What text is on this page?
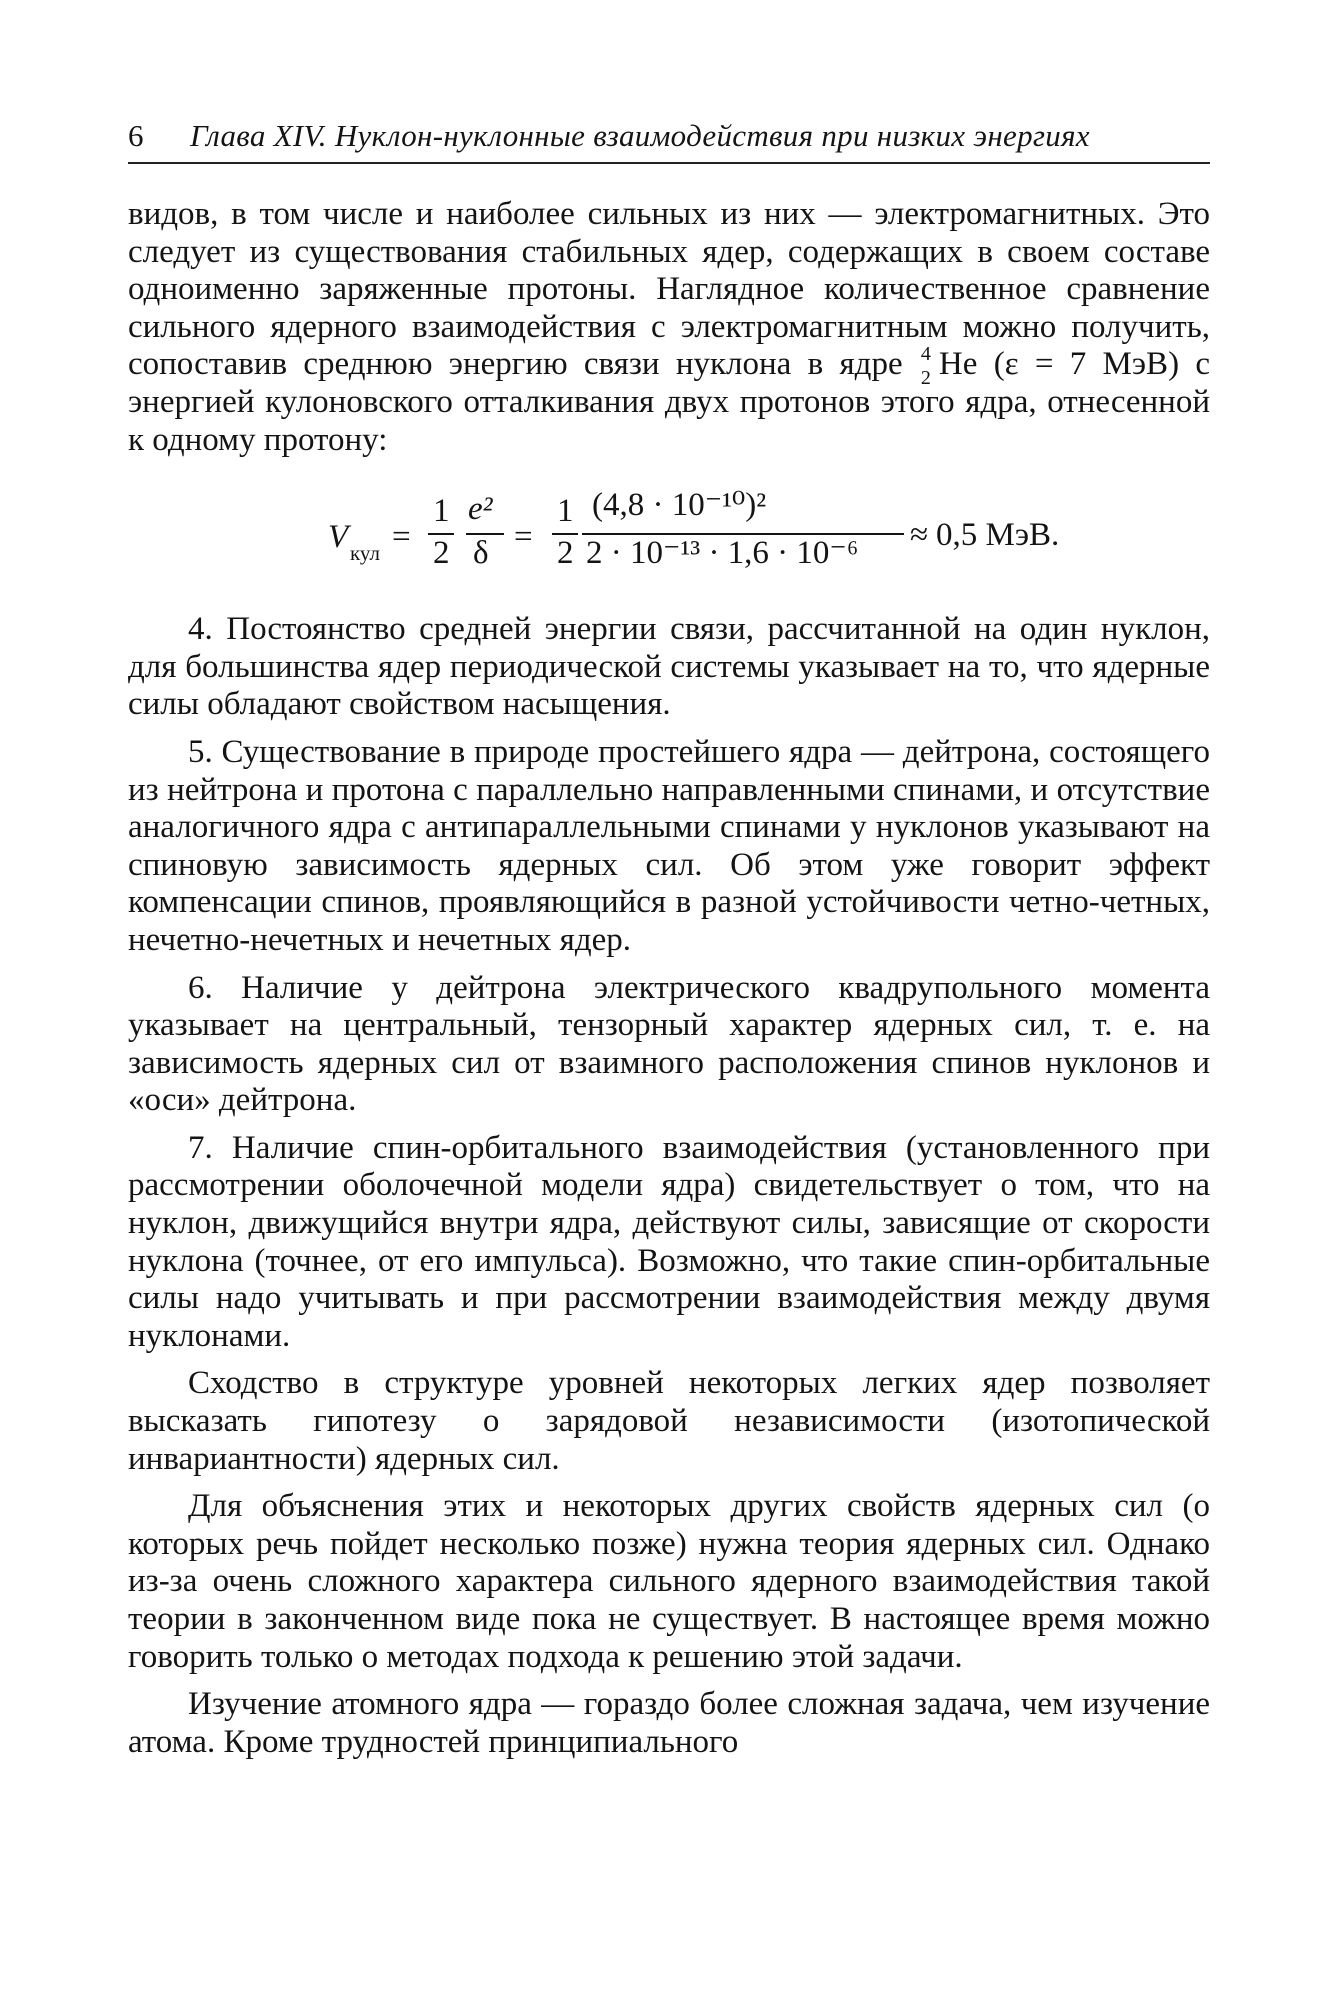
6 Глава XIV. Нуклон-нуклонные взаимодействия при низких энергиях

видов, в том числе и наиболее сильных из них — электромагнитных. Это следует из существования стабильных ядер, содержащих в своем составе одноименно заряженные протоны. Наглядное количественное сравнение сильного ядерного взаимодействия с электромагнитным можно получить, сопоставив среднюю энергию связи нуклона в ядре 4
2 He (ε = 7 МэВ) с энергией кулоновского отталкивания двух протонов этого ядра, отнесенной к одному протону:

V кул =
1
2
e²
δ =
1
2
(4,8 · 10⁻¹⁰)²
2 · 10⁻¹³ · 1,6 · 10⁻⁶ ≈ 0,5 МэВ.

4. Постоянство средней энергии связи, рассчитанной на один нуклон, для большинства ядер периодической системы указывает на то, что ядерные силы обладают свойством насыщения.

5. Существование в природе простейшего ядра — дейтрона, состоящего из нейтрона и протона с параллельно направленными спинами, и отсутствие аналогичного ядра с антипараллельными спинами у нуклонов указывают на спиновую зависимость ядерных сил. Об этом уже говорит эффект компенсации спинов, проявляющийся в разной устойчивости четно-четных, нечетно-нечетных и нечетных ядер.

6. Наличие у дейтрона электрического квадрупольного момента указывает на центральный, тензорный характер ядерных сил, т. е. на зависимость ядерных сил от взаимного расположения спинов нуклонов и «оси» дейтрона.

7. Наличие спин-орбитального взаимодействия (установленного при рассмотрении оболочечной модели ядра) свидетельствует о том, что на нуклон, движущийся внутри ядра, действуют силы, зависящие от скорости нуклона (точнее, от его импульса). Возможно, что такие спин-орбитальные силы надо учитывать и при рассмотрении взаимодействия между двумя нуклонами.

Сходство в структуре уровней некоторых легких ядер позволяет высказать гипотезу о зарядовой независимости (изотопической инвариантности) ядерных сил.

Для объяснения этих и некоторых других свойств ядерных сил (о которых речь пойдет несколько позже) нужна теория ядерных сил. Однако из-за очень сложного характера сильного ядерного взаимодействия такой теории в законченном виде пока не существует. В настоящее время можно говорить только о методах подхода к решению этой задачи.

Изучение атомного ядра — гораздо более сложная задача, чем изучение атома. Кроме трудностей принципиального
